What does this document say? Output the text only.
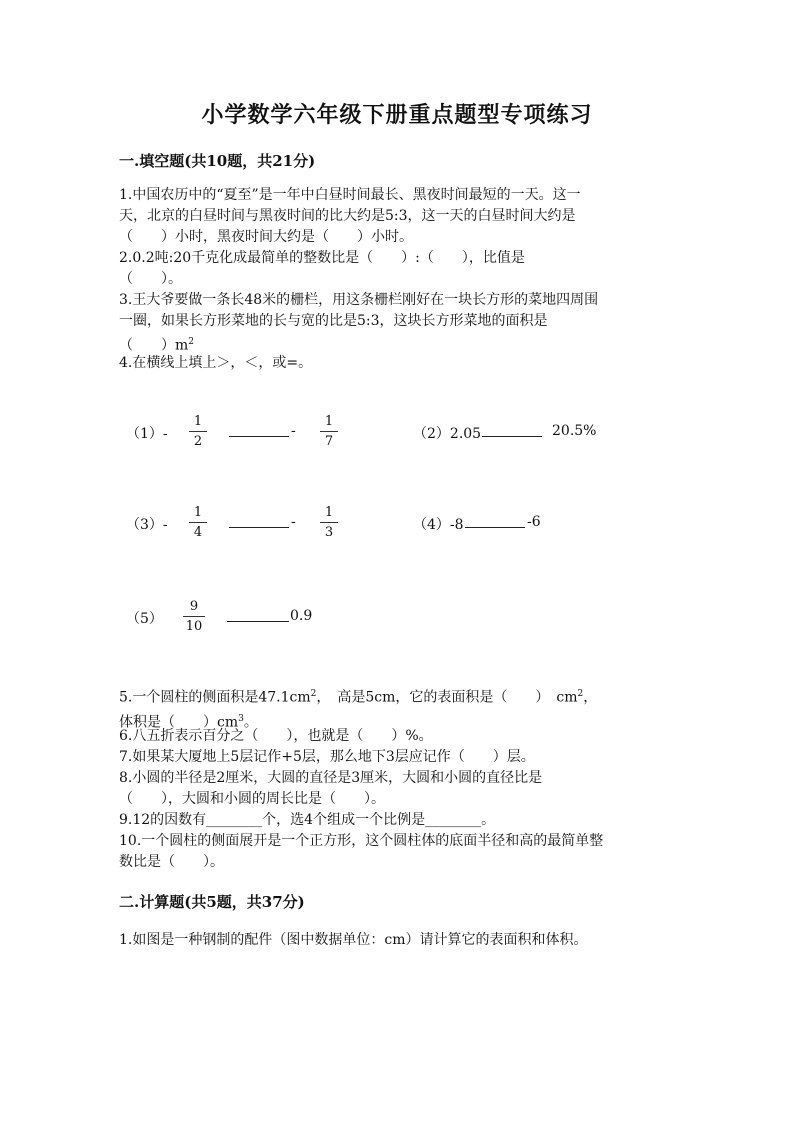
小学数学六年级下册重点题型专项练习
一.填空题(共10题，共21分)
1.中国农历中的“夏至”是一年中白昼时间最长、黑夜时间最短的一天。这一
天，北京的白昼时间与黑夜时间的比大约是5:3，这一天的白昼时间大约是
（　　）小时，黑夜时间大约是（　　）小时。
2.0.2吨:20千克化成最简单的整数比是（　　）:（　　），比值是
（　　）。
3.王大爷要做一条长48米的栅栏，用这条栅栏刚好在一块长方形的菜地四周围
一圈，如果长方形菜地的长与宽的比是5:3，这块长方形菜地的面积是
（　　）$m^2$
4.在横线上填上＞，＜，或=。
（1）-
1
2
-
1
7	（2）2.05	20.5%
（3）-
1
4
-
1
3	（4）-8	-6
（5）
9
10
0.9
5.一个圆柱的侧面积是$47.1cm^2$，　高是5cm，它的表面积是（　　）　$cm^2$，
体积是（　　）$cm^3$。
6.八五折表示百分之（　　），也就是（　　）%。
7.如果某大厦地上5层记作+5层，那么地下3层应记作（　　）层。
8.小圆的半径是2厘米，大圆的直径是3厘米，大圆和小圆的直径比是
（　　），大圆和小圆的周长比是（　　）。
9.12的因数有________个，选4个组成一个比例是________。
10.一个圆柱的侧面展开是一个正方形，这个圆柱体的底面半径和高的最简单整
数比是（　　）。
二.计算题(共5题，共37分)
1.如图是一种钢制的配件（图中数据单位：cm）请计算它的表面积和体积。
